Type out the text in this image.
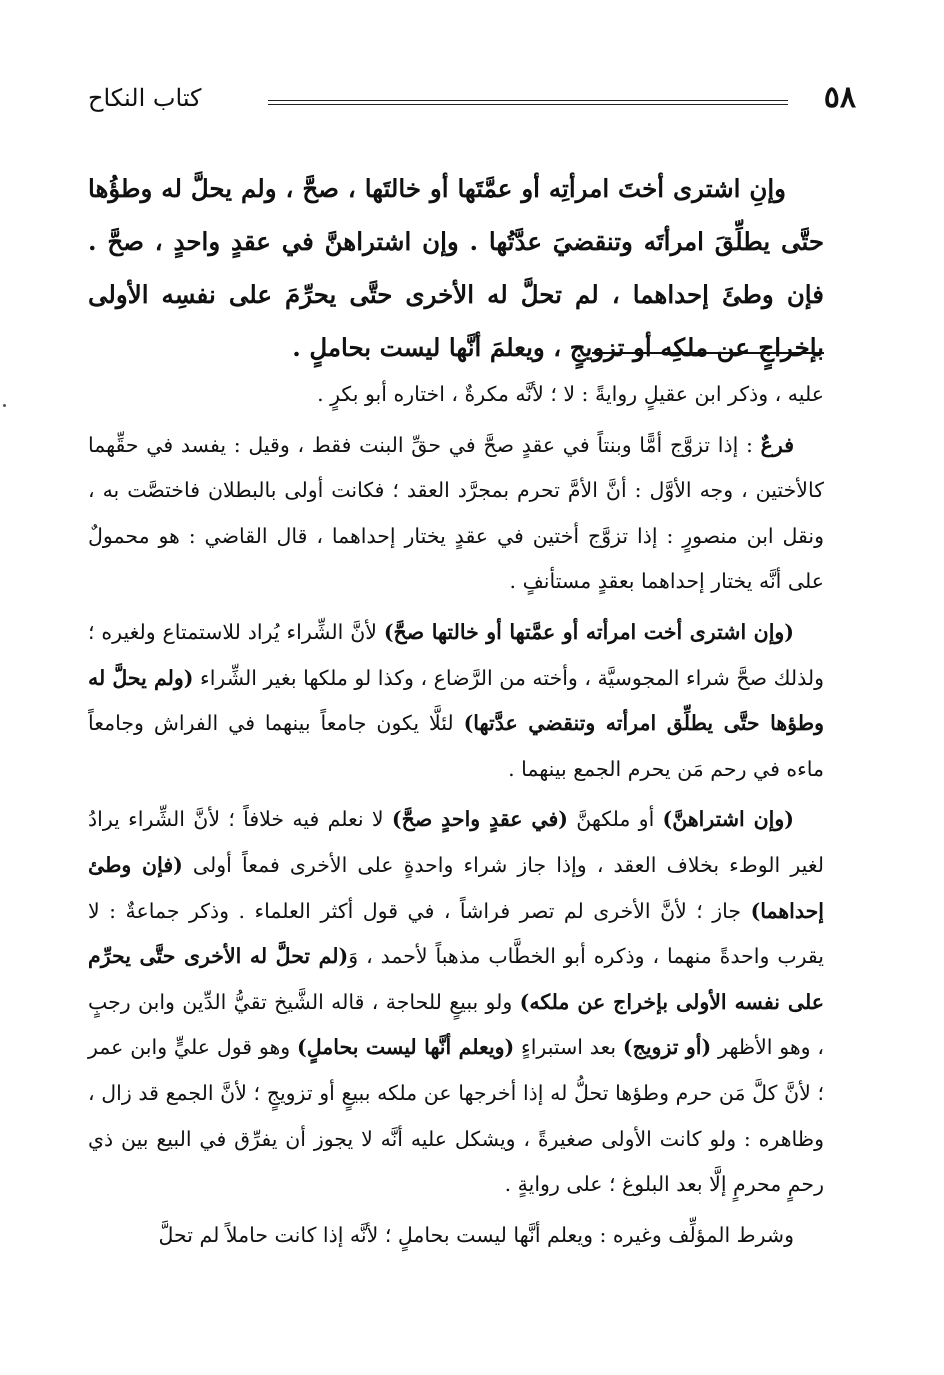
٥٨
كتاب النكاح

وإنِ اشترى أختَ امرأتِه أو عمَّتَها أو خالتَها ، صحَّ ، ولم يحلَّ له وطؤُها حتَّى يطلِّقَ امرأتَه وتنقضيَ عدَّتُها . وإن اشتراهنَّ في عقدٍ واحدٍ ، صحَّ . فإن وطئَ إحداهما ، لم تحلَّ له الأخرى حتَّى يحرِّمَ على نفسِه الأولى بإخراجٍ عن ملكِه أو تزويجٍ ، ويعلمَ أنَّها ليست بحاملٍ .

عليه ، وذكر ابن عقيلٍ روايةً : لا ؛ لأنَّه مكرةٌ ، اختاره أبو بكرٍ .

فرعٌ : إذا تزوَّج أمًّا وبنتاً في عقدٍ صحَّ في حقِّ البنت فقط ، وقيل : يفسد في حقِّهما كالأختين ، وجه الأوَّل : أنَّ الأمَّ تحرم بمجرَّد العقد ؛ فكانت أولى بالبطلان فاختصَّت به ، ونقل ابن منصورٍ : إذا تزوَّج أختين في عقدٍ يختار إحداهما ، قال القاضي : هو محمولٌ على أنَّه يختار إحداهما بعقدٍ مستأنفٍ .

(وإن اشترى أخت امرأته أو عمَّتها أو خالتها صحَّ) لأنَّ الشِّراء يُراد للاستمتاع ولغيره ؛ ولذلك صحَّ شراء المجوسيَّة ، وأخته من الرَّضاع ، وكذا لو ملكها بغير الشِّراء (ولم يحلَّ له وطؤها حتَّى يطلِّق امرأته وتنقضي عدَّتها) لئلَّا يكون جامعاً بينهما في الفراش وجامعاً ماءه في رحم مَن يحرم الجمع بينهما .

(وإن اشتراهنَّ) أو ملكهنَّ (في عقدٍ واحدٍ صحَّ) لا نعلم فيه خلافاً ؛ لأنَّ الشِّراء يرادُ لغير الوطء بخلاف العقد ، وإذا جاز شراء واحدةٍ على الأخرى فمعاً أولى (فإن وطئ إحداهما) جاز ؛ لأنَّ الأخرى لم تصر فراشاً ، في قول أكثر العلماء . وذكر جماعةٌ : لا يقرب واحدةً منهما ، وذكره أبو الخطَّاب مذهباً لأحمد ، وَ(لم تحلَّ له الأخرى حتَّى يحرِّم على نفسه الأولى بإخراج عن ملكه) ولو ببيعٍ للحاجة ، قاله الشَّيخ تقيُّ الدِّين وابن رجبٍ ، وهو الأظهر (أو تزويج) بعد استبراءٍ (ويعلم أنَّها ليست بحاملٍ) وهو قول عليٍّ وابن عمر ؛ لأنَّ كلَّ مَن حرم وطؤها تحلُّ له إذا أخرجها عن ملكه ببيعٍ أو تزويجٍ ؛ لأنَّ الجمع قد زال ، وظاهره : ولو كانت الأولى صغيرةً ، ويشكل عليه أنَّه لا يجوز أن يفرِّق في البيع بين ذي رحمٍ محرمٍ إلَّا بعد البلوغ ؛ على روايةٍ .

وشرط المؤلِّف وغيره : ويعلم أنَّها ليست بحاملٍ ؛ لأنَّه إذا كانت حاملاً لم تحلَّ
